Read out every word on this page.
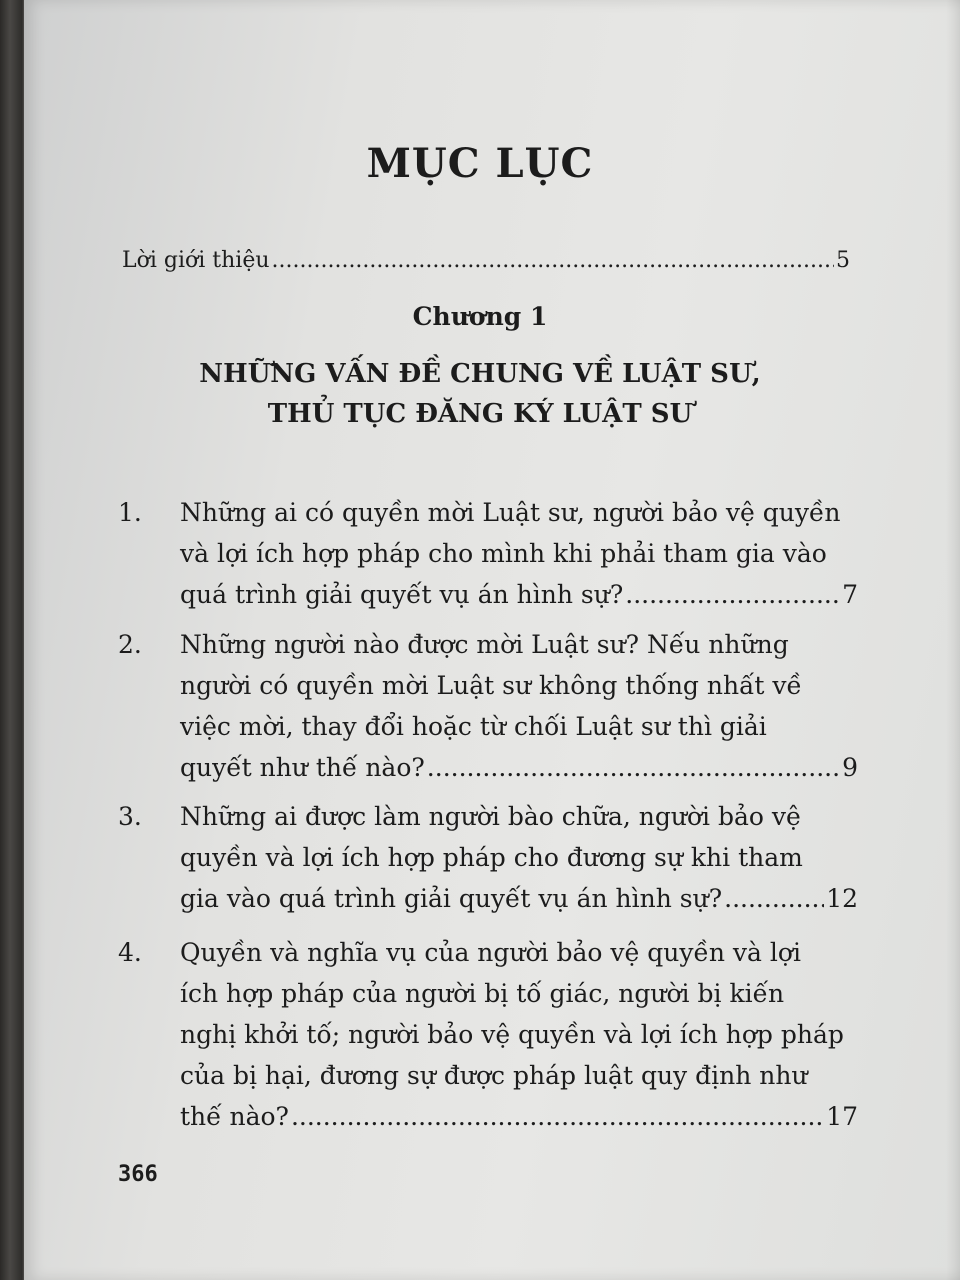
MỤC LỤC
Lời giới thiệu .....	5
Chương 1
NHỮNG VẤN ĐỀ CHUNG VỀ LUẬT SƯ,
THỦ TỤC ĐĂNG KÝ LUẬT SƯ
1. Những ai có quyền mời Luật sư, người bảo vệ quyền
và lợi ích hợp pháp cho mình khi phải tham gia vào
quá trình giải quyết vụ án hình sự? .....	7
2. Những người nào được mời Luật sư? Nếu những
người có quyền mời Luật sư không thống nhất về
việc mời, thay đổi hoặc từ chối Luật sư thì giải
quyết như thế nào? .....	9
3. Những ai được làm người bào chữa, người bảo vệ
quyền và lợi ích hợp pháp cho đương sự khi tham
gia vào quá trình giải quyết vụ án hình sự? .....	12
4. Quyền và nghĩa vụ của người bảo vệ quyền và lợi
ích hợp pháp của người bị tố giác, người bị kiến
nghị khởi tố; người bảo vệ quyền và lợi ích hợp pháp
của bị hại, đương sự được pháp luật quy định như
thế nào? .....	17
366
